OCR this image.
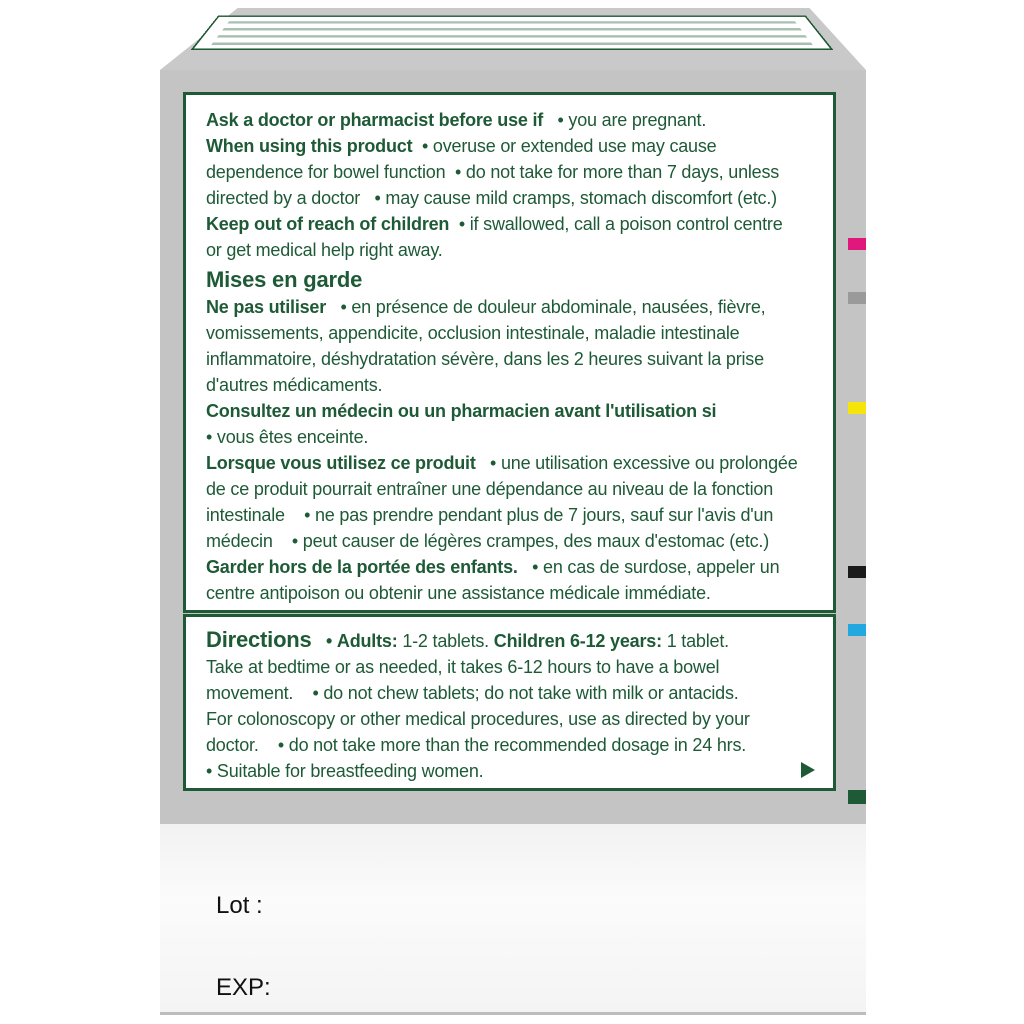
Ask a doctor or pharmacist before use if • you are pregnant.

When using this product • overuse or extended use may cause
dependence for bowel function • do not take for more than 7 days, unless
directed by a doctor • may cause mild cramps, stomach discomfort (etc.)

Keep out of reach of children • if swallowed, call a poison control centre
or get medical help right away.

Mises en garde

Ne pas utiliser • en présence de douleur abdominale, nausées, fièvre,
vomissements, appendicite, occlusion intestinale, maladie intestinale
inflammatoire, déshydratation sévère, dans les 2 heures suivant la prise
d'autres médicaments.

Consultez un médecin ou un pharmacien avant l'utilisation si
• vous êtes enceinte.

Lorsque vous utilisez ce produit • une utilisation excessive ou prolongée
de ce produit pourrait entraîner une dépendance au niveau de la fonction
intestinale • ne pas prendre pendant plus de 7 jours, sauf sur l'avis d'un
médecin • peut causer de légères crampes, des maux d'estomac (etc.)

Garder hors de la portée des enfants. • en cas de surdose, appeler un
centre antipoison ou obtenir une assistance médicale immédiate.

Directions • Adults: 1-2 tablets. Children 6-12 years: 1 tablet.

Take at bedtime or as needed, it takes 6-12 hours to have a bowel

movement. • do not chew tablets; do not take with milk or antacids.

For colonoscopy or other medical procedures, use as directed by your

doctor. • do not take more than the recommended dosage in 24 hrs.

• Suitable for breastfeeding women.

Lot :
EXP:
